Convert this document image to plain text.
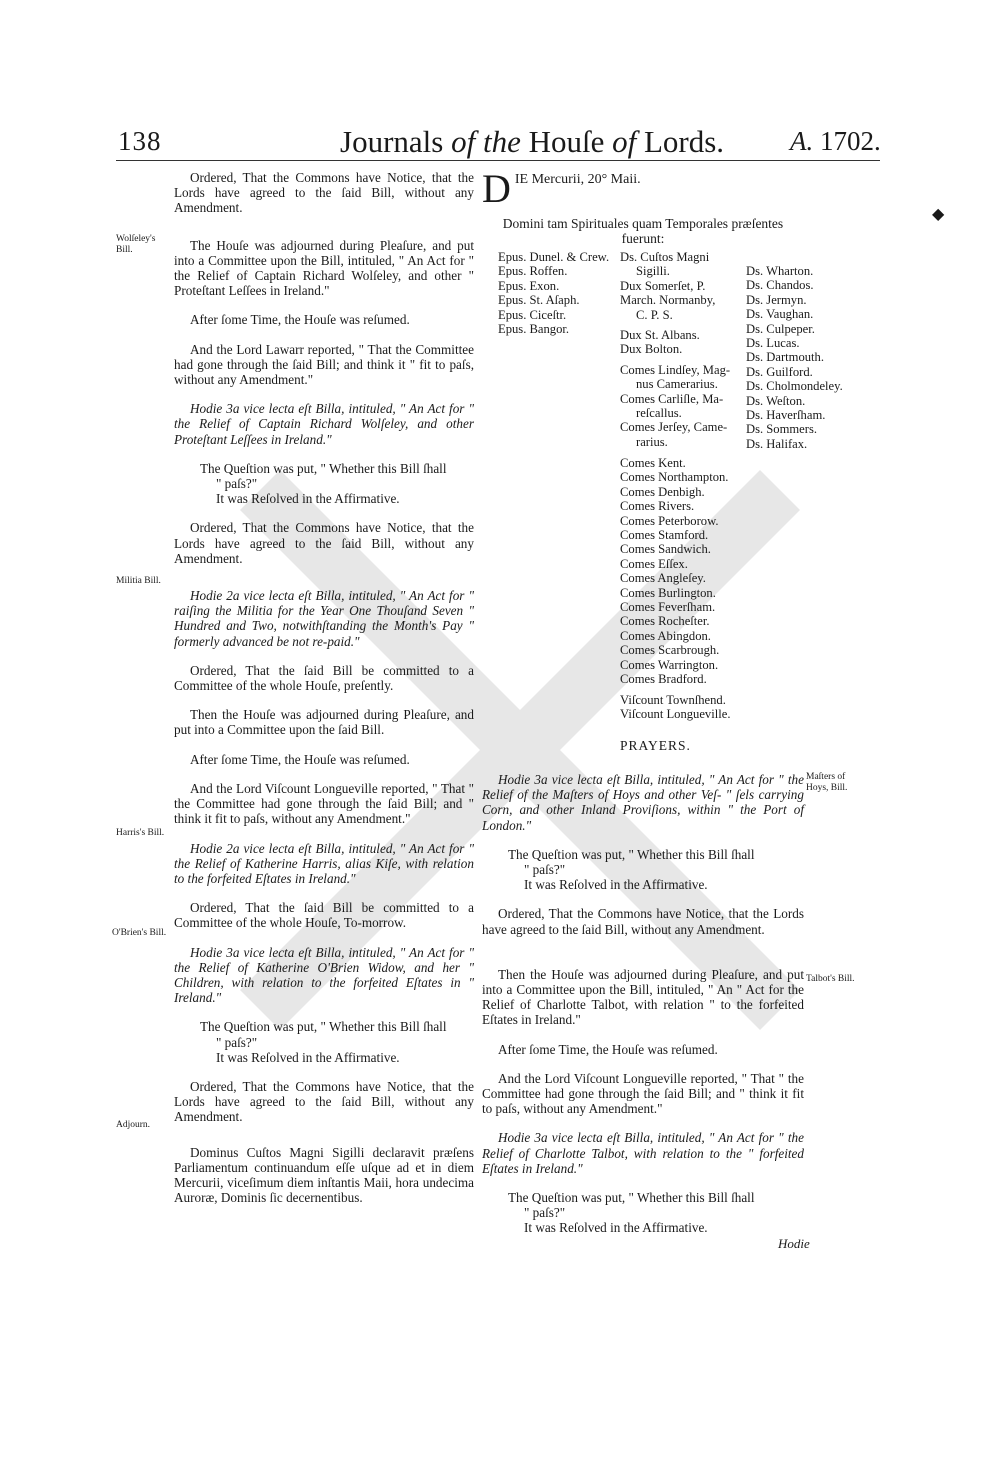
138	Journals of the Houſe of Lords. A. 1702.
Wolſeley's Bill.
Militia Bill.
Harris's Bill.
O'Brien's Bill.
Adjourn.

Ordered, That the Commons have Notice, that the Lords have agreed to the ſaid Bill, without any Amendment.

The Houſe was adjourned during Pleaſure, and put into a Committee upon the Bill, intituled, " An Act for " the Relief of Captain Richard Wolſeley, and other " Proteſtant Leſſees in Ireland."

After ſome Time, the Houſe was reſumed.

And the Lord Lawarr reported, " That the Committee had gone through the ſaid Bill; and think it " fit to paſs, without any Amendment."

Hodie 3a vice lecta eſt Billa, intituled, " An Act for " the Relief of Captain Richard Wolſeley, and other Proteſtant Leſſees in Ireland."

The Queſtion was put, " Whether this Bill ſhall
" paſs?"
It was Reſolved in the Affirmative.

Ordered, That the Commons have Notice, that the Lords have agreed to the ſaid Bill, without any Amendment.

Hodie 2a vice lecta eſt Billa, intituled, " An Act for " raiſing the Militia for the Year One Thouſand Seven " Hundred and Two, notwithſtanding the Month's Pay " formerly advanced be not re-paid."

Ordered, That the ſaid Bill be committed to a Committee of the whole Houſe, preſently.

Then the Houſe was adjourned during Pleaſure, and put into a Committee upon the ſaid Bill.

After ſome Time, the Houſe was reſumed.

And the Lord Viſcount Longueville reported, " That " the Committee had gone through the ſaid Bill; and " think it fit to paſs, without any Amendment."

Hodie 2a vice lecta eſt Billa, intituled, " An Act for " the Relief of Katherine Harris, alias Kiſe, with relation to the forfeited Eſtates in Ireland."

Ordered, That the ſaid Bill be committed to a Committee of the whole Houſe, To-morrow.

Hodie 3a vice lecta eſt Billa, intituled, " An Act for " the Relief of Katherine O'Brien Widow, and her " Children, with relation to the forfeited Eſtates in " Ireland."

The Queſtion was put, " Whether this Bill ſhall
" paſs?"
It was Reſolved in the Affirmative.

Ordered, That the Commons have Notice, that the Lords have agreed to the ſaid Bill, without any Amendment.

Dominus Cuſtos Magni Sigilli declaravit præſens Parliamentum continuandum eſſe uſque ad et in diem Mercurii, viceſimum diem inſtantis Maii, hora undecima Auroræ, Dominis ſic decernentibus.

D IE Mercurii, 20° Maii.
Domini tam Spirituales quam Temporales præſentes fuerunt:
Epus. Dunel. & Crew.
Epus. Roffen.
Epus. Exon.
Epus. St. Aſaph.
Epus. Ciceſtr.
Epus. Bangor.
Ds. Cuſtos Magni
Sigilli.
Dux Somerſet, P.
March. Normanby,
C. P. S.
Dux St. Albans.
Dux Bolton.
Comes Lindſey, Mag-
nus Camerarius.
Comes Carliſle, Ma-
reſcallus.
Comes Jerſey, Came-
rarius.
Ds. Wharton.
Ds. Chandos.
Ds. Jermyn.
Ds. Vaughan.
Ds. Culpeper.
Ds. Lucas.
Ds. Dartmouth.
Ds. Guilford.
Ds. Cholmondeley.
Ds. Weſton.
Ds. Haverſham.
Ds. Sommers.
Ds. Halifax.
Comes Kent.
Comes Northampton.
Comes Denbigh.
Comes Rivers.
Comes Peterborow.
Comes Stamford.
Comes Sandwich.
Comes Eſſex.
Comes Angleſey.
Comes Burlington.
Comes Feverſham.
Comes Rocheſter.
Comes Abingdon.
Comes Scarbrough.
Comes Warrington.
Comes Bradford.
Viſcount Townſhend.
Viſcount Longueville.
PRAYERS.
Maſters of Hoys, Bill.
Talbot's Bill.

Hodie 3a vice lecta eſt Billa, intituled, " An Act for " the Relief of the Maſters of Hoys and other Veſ- " ſels carrying Corn, and other Inland Proviſions, within " the Port of London."

The Queſtion was put, " Whether this Bill ſhall
" paſs?"
It was Reſolved in the Affirmative.

Ordered, That the Commons have Notice, that the Lords have agreed to the ſaid Bill, without any Amendment.

Then the Houſe was adjourned during Pleaſure, and put into a Committee upon the Bill, intituled, " An " Act for the Relief of Charlotte Talbot, with relation " to the forfeited Eſtates in Ireland."

After ſome Time, the Houſe was reſumed.

And the Lord Viſcount Longueville reported, " That " the Committee had gone through the ſaid Bill; and " think it fit to paſs, without any Amendment."

Hodie 3a vice lecta eſt Billa, intituled, " An Act for " the Relief of Charlotte Talbot, with relation to the " forfeited Eſtates in Ireland."

The Queſtion was put, " Whether this Bill ſhall
" paſs?"
It was Reſolved in the Affirmative.
Hodie
◆
